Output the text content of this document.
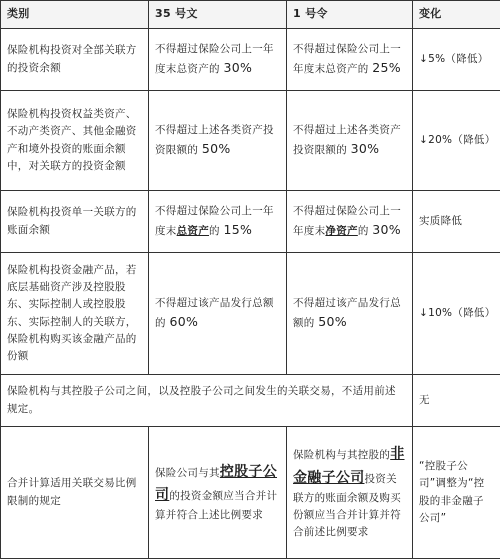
类别	35 号文	1 号令	变化
保险机构投资对全部关联方的投资余额	不得超过保险公司上一年度末总资产的 30%	不得超过保险公司上一年度末总资产的 25%	↓5%（降低）
保险机构投资权益类资产、不动产类资产、其他金融资产和境外投资的账面余额中，对关联方的投资金额	不得超过上述各类资产投资限额的 50%	不得超过上述各类资产投资限额的 30%	↓20%（降低）
保险机构投资单一关联方的账面余额	不得超过保险公司上一年度末总资产的 15%	不得超过保险公司上一年度末净资产的 30%	实质降低
保险机构投资金融产品，若底层基础资产涉及控股股东、实际控制人或控股股东、实际控制人的关联方，保险机构购买该金融产品的份额	不得超过该产品发行总额的 60%	不得超过该产品发行总额的 50%	↓10%（降低）
保险机构与其控股子公司之间，以及控股子公司之间发生的关联交易，不适用前述规定。			无
合并计算适用关联交易比例限制的规定	保险公司与其控股子公司的投资金额应当合并计算并符合上述比例要求	保险机构与其控股的非金融子公司投资关联方的账面余额及购买份额应当合并计算并符合前述比例要求	“控股子公司”调整为“控股的非金融子公司”
